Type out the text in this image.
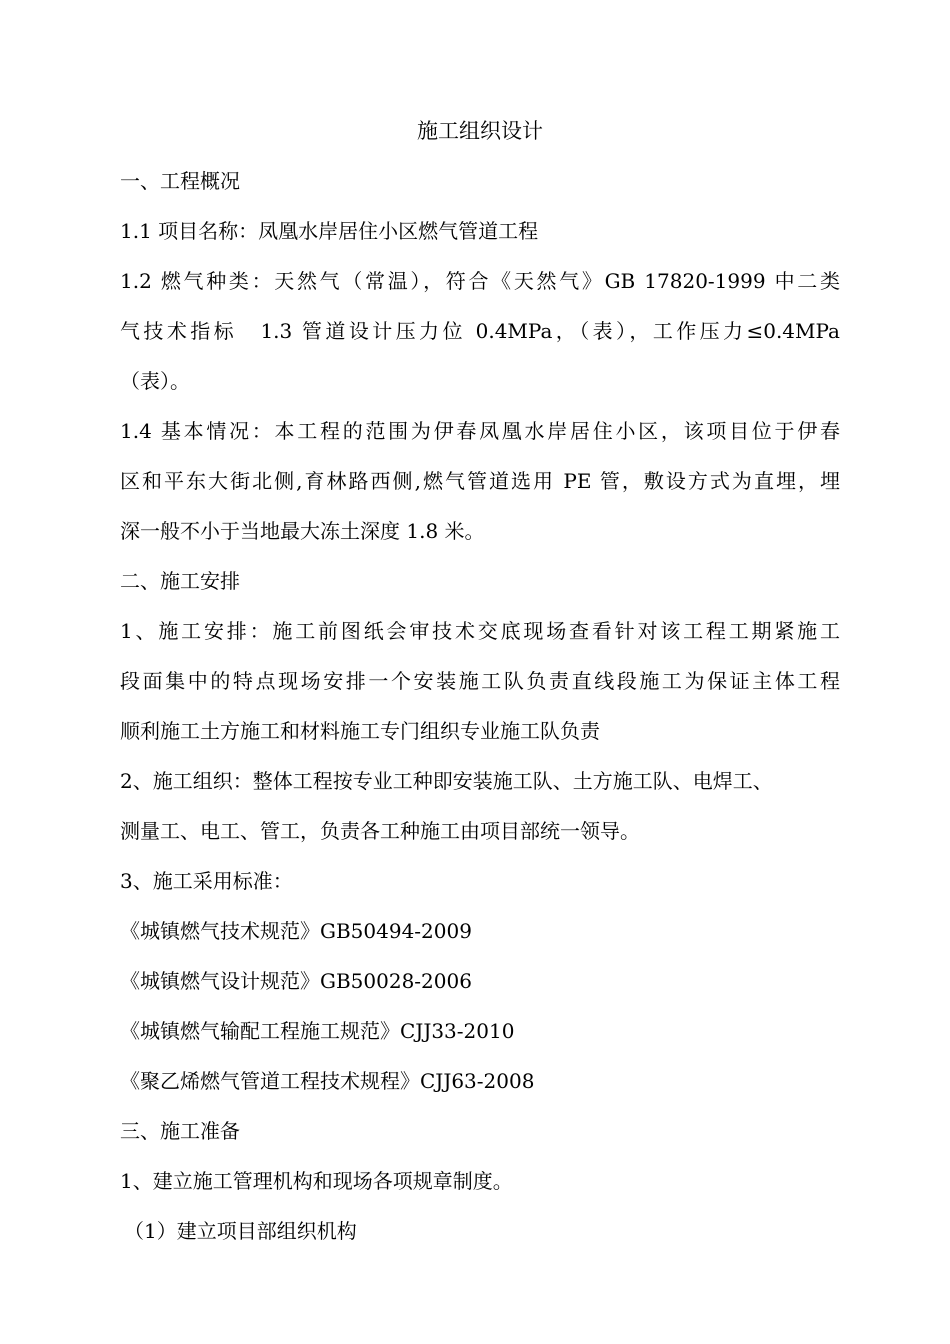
施工组织设计
一、工程概况
1.1 项目名称：凤凰水岸居住小区燃气管道工程
1.2 燃气种类：天然气（常温），符合《天然气》GB 17820-1999 中二类
气技术指标　1.3 管道设计压力位 0.4MPa，（表），工作压力≤0.4MPa
（表）。
1.4 基本情况：本工程的范围为伊春凤凰水岸居住小区，该项目位于伊春
区和平东大街北侧,育林路西侧,燃气管道选用 PE 管，敷设方式为直埋，埋
深一般不小于当地最大冻土深度 1.8 米。
二、施工安排
1、施工安排：施工前图纸会审技术交底现场查看针对该工程工期紧施工
段面集中的特点现场安排一个安装施工队负责直线段施工为保证主体工程
顺利施工土方施工和材料施工专门组织专业施工队负责
2、施工组织：整体工程按专业工种即安装施工队、土方施工队、电焊工、
测量工、电工、管工，负责各工种施工由项目部统一领导。
3、施工采用标准：
《城镇燃气技术规范》GB50494-2009
《城镇燃气设计规范》GB50028-2006
《城镇燃气输配工程施工规范》CJJ33-2010
《聚乙烯燃气管道工程技术规程》CJJ63-2008
三、施工准备
1、建立施工管理机构和现场各项规章制度。
（1）建立项目部组织机构
